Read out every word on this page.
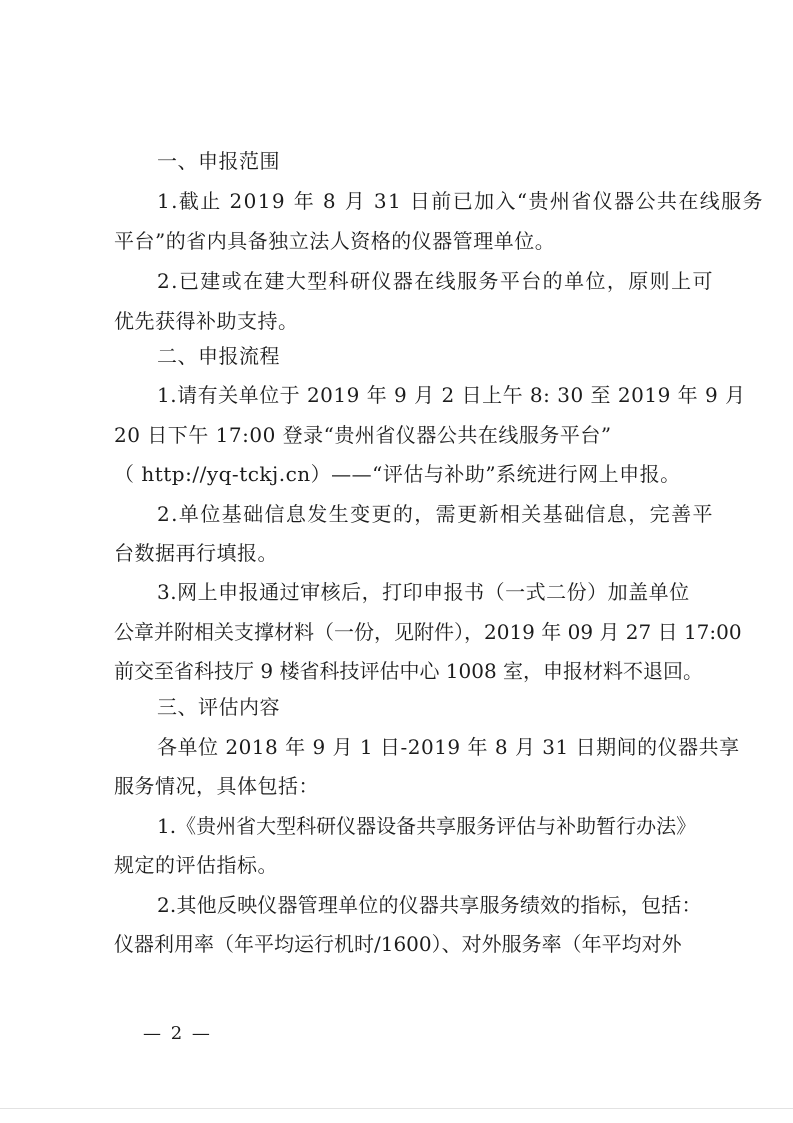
一、申报范围
1.截止 2019 年 8 月 31 日前已加入“贵州省仪器公共在线服务
平台”的省内具备独立法人资格的仪器管理单位。
2.已建或在建大型科研仪器在线服务平台的单位，原则上可
优先获得补助支持。
二、申报流程
1.请有关单位于 2019 年 9 月 2 日上午 8: 30 至 2019 年 9 月
20 日下午 17:00 登录“贵州省仪器公共在线服务平台”
（ http://yq-tckj.cn）——“评估与补助”系统进行网上申报。
2.单位基础信息发生变更的，需更新相关基础信息，完善平
台数据再行填报。
3.网上申报通过审核后，打印申报书（一式二份）加盖单位
公章并附相关支撑材料（一份，见附件），2019 年 09 月 27 日 17:00
前交至省科技厅 9 楼省科技评估中心 1008 室，申报材料不退回。
三、评估内容
各单位 2018 年 9 月 1 日-2019 年 8 月 31 日期间的仪器共享
服务情况，具体包括：
1.《贵州省大型科研仪器设备共享服务评估与补助暂行办法》
规定的评估指标。
2.其他反映仪器管理单位的仪器共享服务绩效的指标，包括：
仪器利用率（年平均运行机时/1600）、对外服务率（年平均对外
— 2 —
